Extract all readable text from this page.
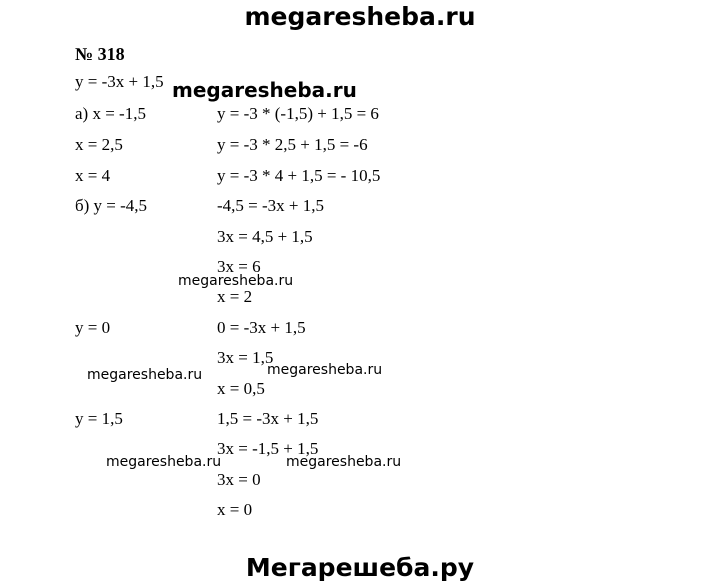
megaresheba.ru
№ 318
y = -3x + 1,5
а) x = -1,5
x = 2,5
x = 4
б) y = -4,5
y = 0
y = 1,5
y = -3 * (-1,5) + 1,5 = 6
y = -3 * 2,5 + 1,5 = -6
y = -3 * 4 + 1,5 = - 10,5
-4,5 = -3x + 1,5
3x = 4,5 + 1,5
3x = 6
x = 2
0 = -3x + 1,5
3x = 1,5
x = 0,5
1,5 = -3x + 1,5
3x = -1,5 + 1,5
3x = 0
x = 0
megaresheba.ru
megaresheba.ru
megaresheba.ru	megaresheba.ru
megaresheba.ru	megaresheba.ru
Мегарешеба.ру
